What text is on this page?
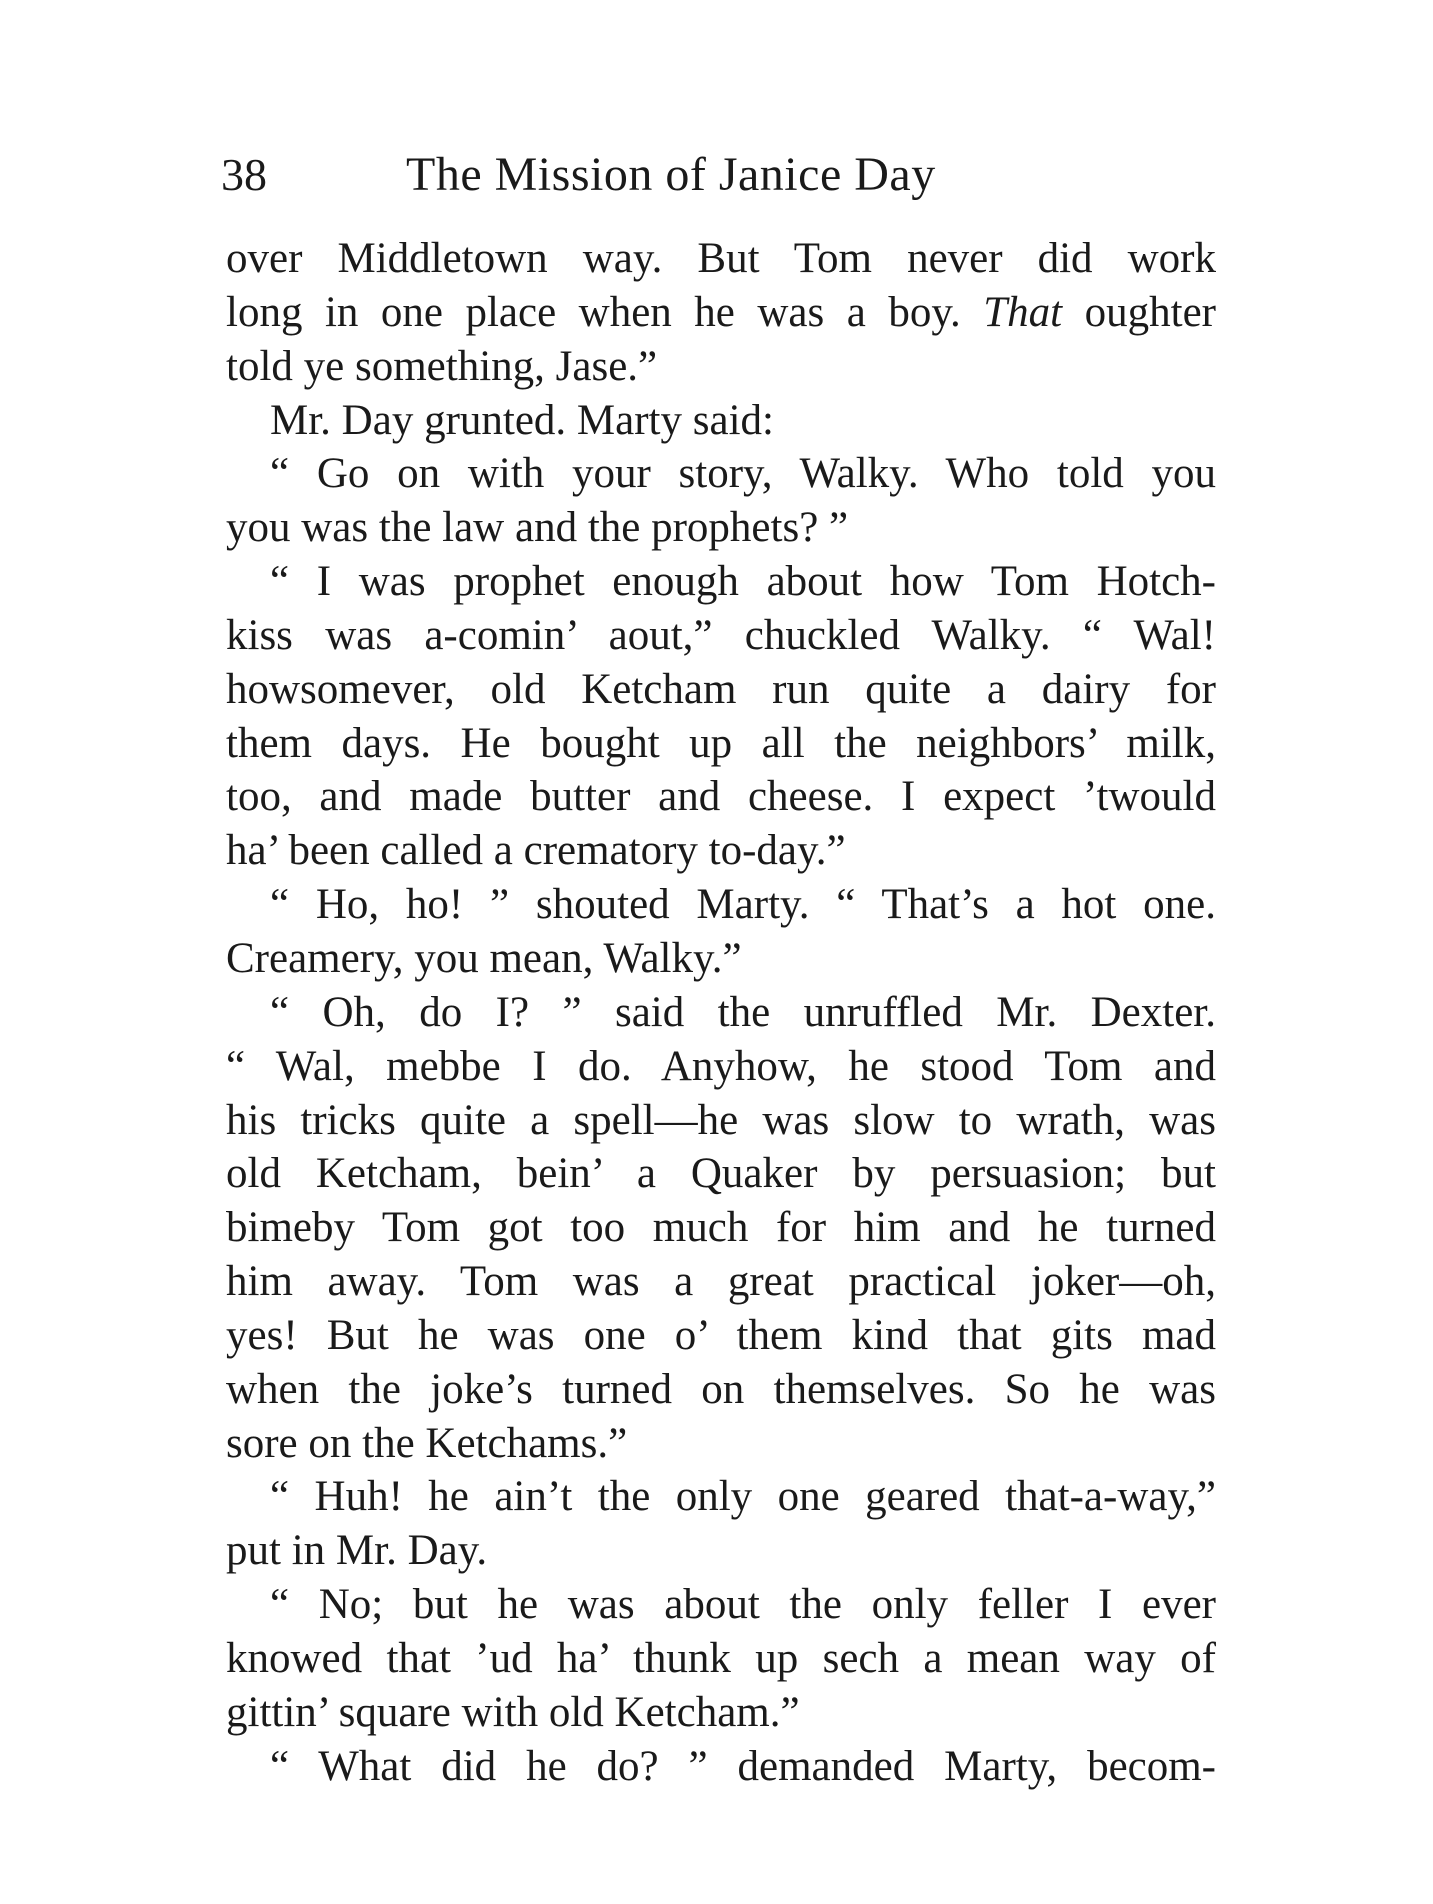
38	The Mission of Janice Day
over Middletown way. But Tom never did work
long in one place when he was a boy. That oughter
told ye something, Jase.”
Mr. Day grunted. Marty said:
“ Go on with your story, Walky. Who told you
you was the law and the prophets? ”
“ I was prophet enough about how Tom Hotch-
kiss was a-comin’ aout,” chuckled Walky. “ Wal!
howsomever, old Ketcham run quite a dairy for
them days. He bought up all the neighbors’ milk,
too, and made butter and cheese. I expect ’twould
ha’ been called a crematory to-day.”
“ Ho, ho! ” shouted Marty. “ That’s a hot one.
Creamery, you mean, Walky.”
“ Oh, do I? ” said the unruffled Mr. Dexter.
“ Wal, mebbe I do. Anyhow, he stood Tom and
his tricks quite a spell—he was slow to wrath, was
old Ketcham, bein’ a Quaker by persuasion; but
bimeby Tom got too much for him and he turned
him away. Tom was a great practical joker—oh,
yes! But he was one o’ them kind that gits mad
when the joke’s turned on themselves. So he was
sore on the Ketchams.”
“ Huh! he ain’t the only one geared that-a-way,”
put in Mr. Day.
“ No; but he was about the only feller I ever
knowed that ’ud ha’ thunk up sech a mean way of
gittin’ square with old Ketcham.”
“ What did he do? ” demanded Marty, becom-
